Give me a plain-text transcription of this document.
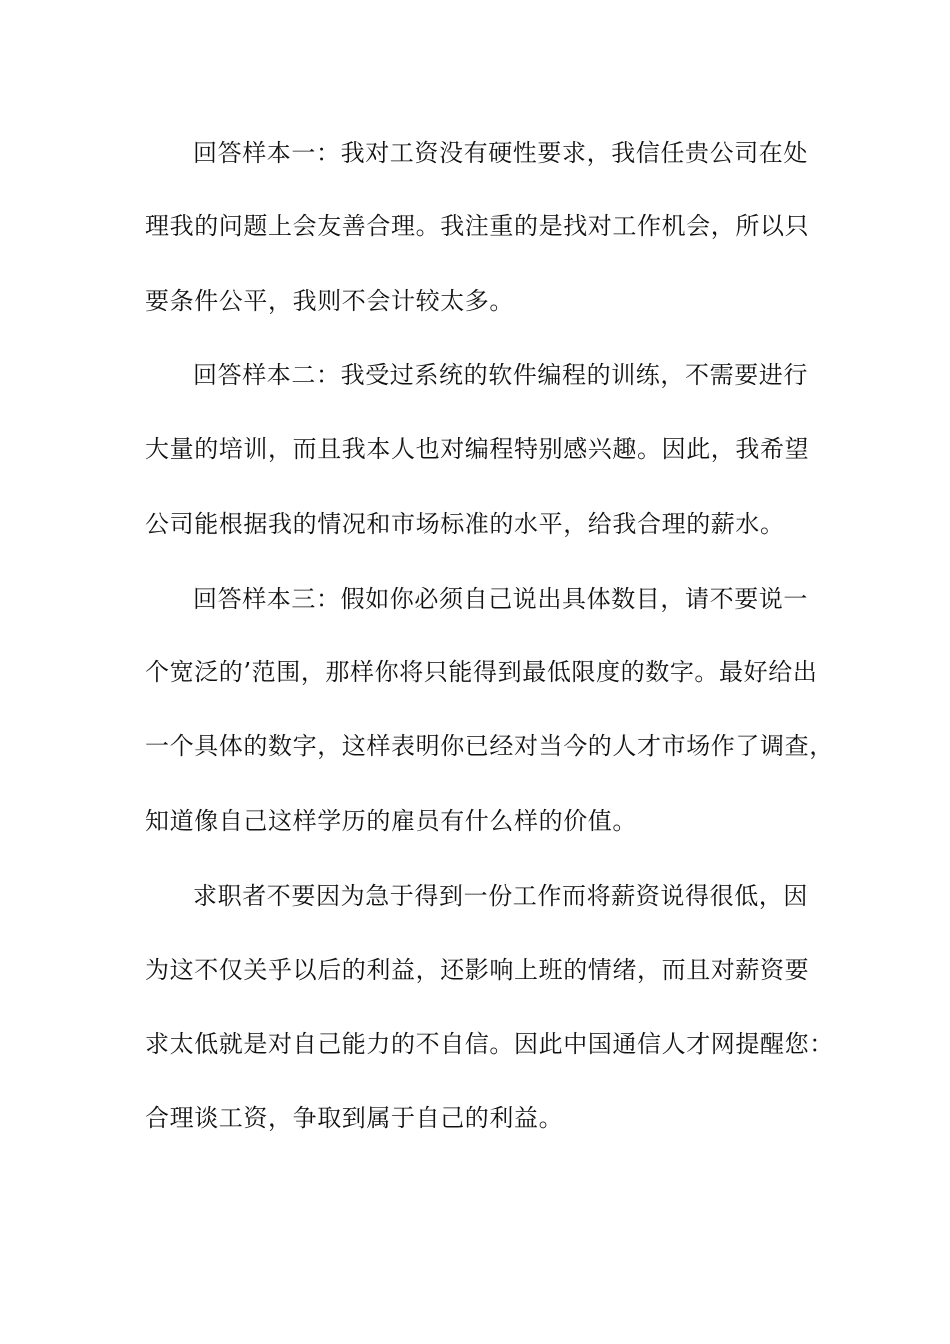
回答样本一：我对工资没有硬性要求，我信任贵公司在处
理我的问题上会友善合理。我注重的是找对工作机会，所以只
要条件公平，我则不会计较太多。
回答样本二：我受过系统的软件编程的训练，不需要进行
大量的培训，而且我本人也对编程特别感兴趣。因此，我希望
公司能根据我的情况和市场标准的水平，给我合理的薪水。
回答样本三：假如你必须自己说出具体数目，请不要说一
个宽泛的’范围，那样你将只能得到最低限度的数字。最好给出
一个具体的数字，这样表明你已经对当今的人才市场作了调查，
知道像自己这样学历的雇员有什么样的价值。
求职者不要因为急于得到一份工作而将薪资说得很低，因
为这不仅关乎以后的利益，还影响上班的情绪，而且对薪资要
求太低就是对自己能力的不自信。因此中国通信人才网提醒您：
合理谈工资，争取到属于自己的利益。
